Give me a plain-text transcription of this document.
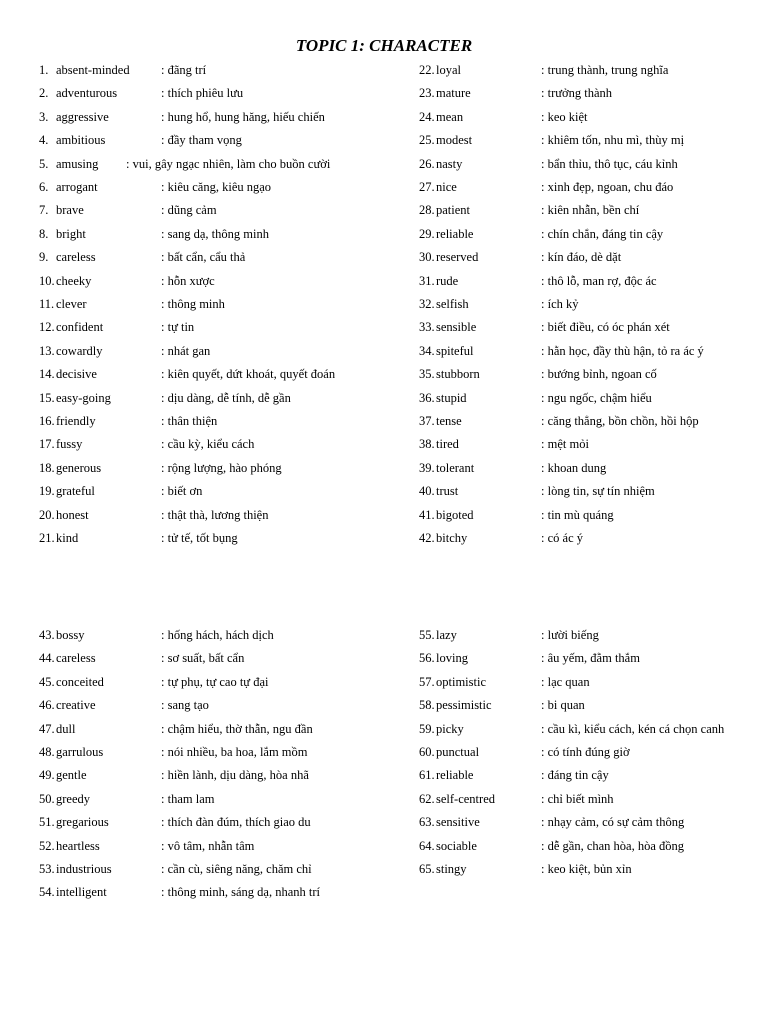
TOPIC 1: CHARACTER
1. absent-minded	: đãng trí
2. adventurous	: thích phiêu lưu
3. aggressive	: hung hổ, hung hăng, hiếu chiến
4. ambitious	: đầy tham vọng
5. amusing : vui, gây ngạc nhiên, làm cho buồn cười
6. arrogant	: kiêu căng, kiêu ngạo
7. brave	: dũng cảm
8. bright	: sang dạ, thông minh
9. careless	: bất cẩn, cẩu thả
10. cheeky	: hỗn xược
11. clever	: thông minh
12. confident	: tự tin
13. cowardly	: nhát gan
14. decisive	: kiên quyết, dứt khoát, quyết đoán
15. easy-going	: dịu dàng, dễ tính, dễ gần
16. friendly	: thân thiện
17. fussy	: cầu kỳ, kiểu cách
18. generous	: rộng lượng, hào phóng
19. grateful	: biết ơn
20. honest	: thật thà, lương thiện
21. kind	: tử tế, tốt bụng
22. loyal	: trung thành, trung nghĩa
23. mature	: trưởng thành
24. mean	: keo kiệt
25. modest	: khiêm tốn, nhu mì, thùy mị
26. nasty	: bẩn thỉu, thô tục, cáu kỉnh
27. nice	: xinh đẹp, ngoan, chu đáo
28. patient	: kiên nhẫn, bền chí
29. reliable	: chín chắn, đáng tin cậy
30. reserved	: kín đáo, dè dặt
31. rude	: thô lỗ, man rợ, độc ác
32. selfish	: ích kỷ
33. sensible	: biết điều, có óc phán xét
34. spiteful	: hằn học, đầy thù hận, tỏ ra ác ý
35. stubborn	: bướng bỉnh, ngoan cố
36. stupid	: ngu ngốc, chậm hiểu
37. tense	: căng thẳng, bồn chồn, hồi hộp
38. tired	: mệt mỏi
39. tolerant	: khoan dung
40. trust	: lòng tin, sự tín nhiệm
41. bigoted	: tin mù quáng
42. bitchy	: có ác ý
43. bossy	: hống hách, hách dịch
44. careless	: sơ suất, bất cẩn
45. conceited	: tự phụ, tự cao tự đại
46. creative	: sang tạo
47. dull	: chậm hiểu, thờ thẫn, ngu đần
48. garrulous	: nói nhiều, ba hoa, lắm mồm
49. gentle	: hiền lành, dịu dàng, hòa nhã
50. greedy	: tham lam
51. gregarious	: thích đàn đúm, thích giao du
52. heartless	: vô tâm, nhẫn tâm
53. industrious	: cần cù, siêng năng, chăm chỉ
54. intelligent	: thông minh, sáng dạ, nhanh trí
55. lazy	: lười biếng
56. loving	: âu yếm, đằm thắm
57. optimistic	: lạc quan
58. pessimistic	: bi quan
59. picky	: cầu kì, kiểu cách, kén cá chọn canh
60. punctual	: có tính đúng giờ
61. reliable	: đáng tin cậy
62. self-centred	: chỉ biết mình
63. sensitive	: nhạy cảm, có sự cảm thông
64. sociable	: dễ gần, chan hòa, hòa đồng
65. stingy	: keo kiệt, bủn xỉn
